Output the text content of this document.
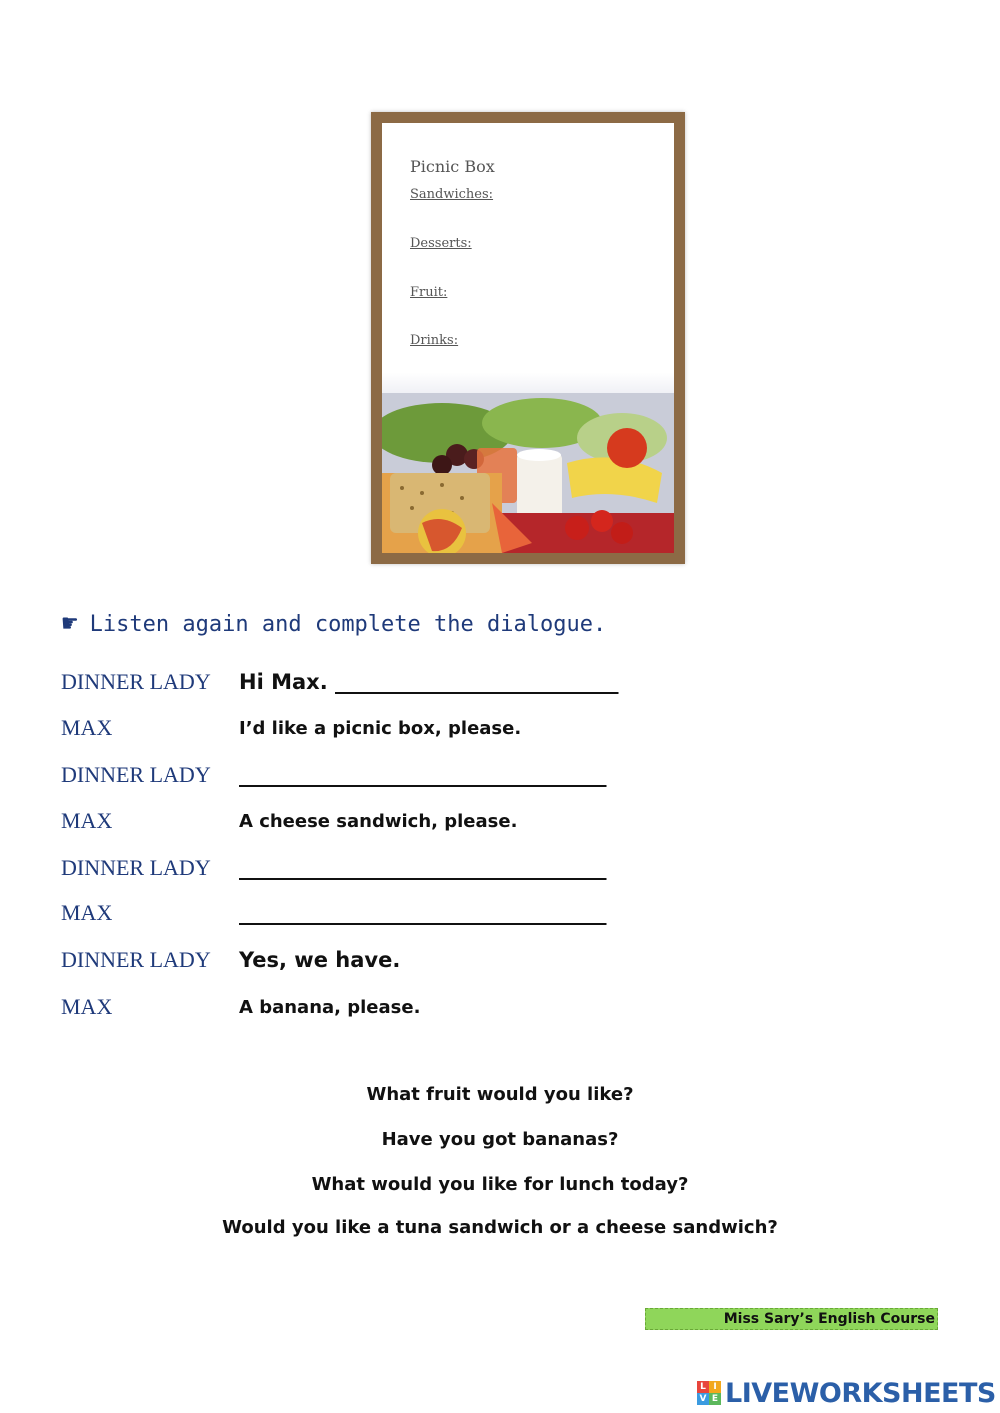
Picnic Box
Sandwiches:
Desserts:
Fruit:
Drinks:
☛ Listen again and complete the dialogue.
DINNER LADY	Hi Max. ___________________________
MAX	I’d like a picnic box, please.
DINNER LADY	___________________________________
MAX	A cheese sandwich, please.
DINNER LADY	___________________________________
MAX	___________________________________
DINNER LADY	Yes, we have.
MAX	A banana, please.
What fruit would you like?
Have you got bananas?
What would you like for lunch today?
Would you like a tuna sandwich or a cheese sandwich?
Miss Sary’s English Course
L I
V E LIVEWORKSHEETS
